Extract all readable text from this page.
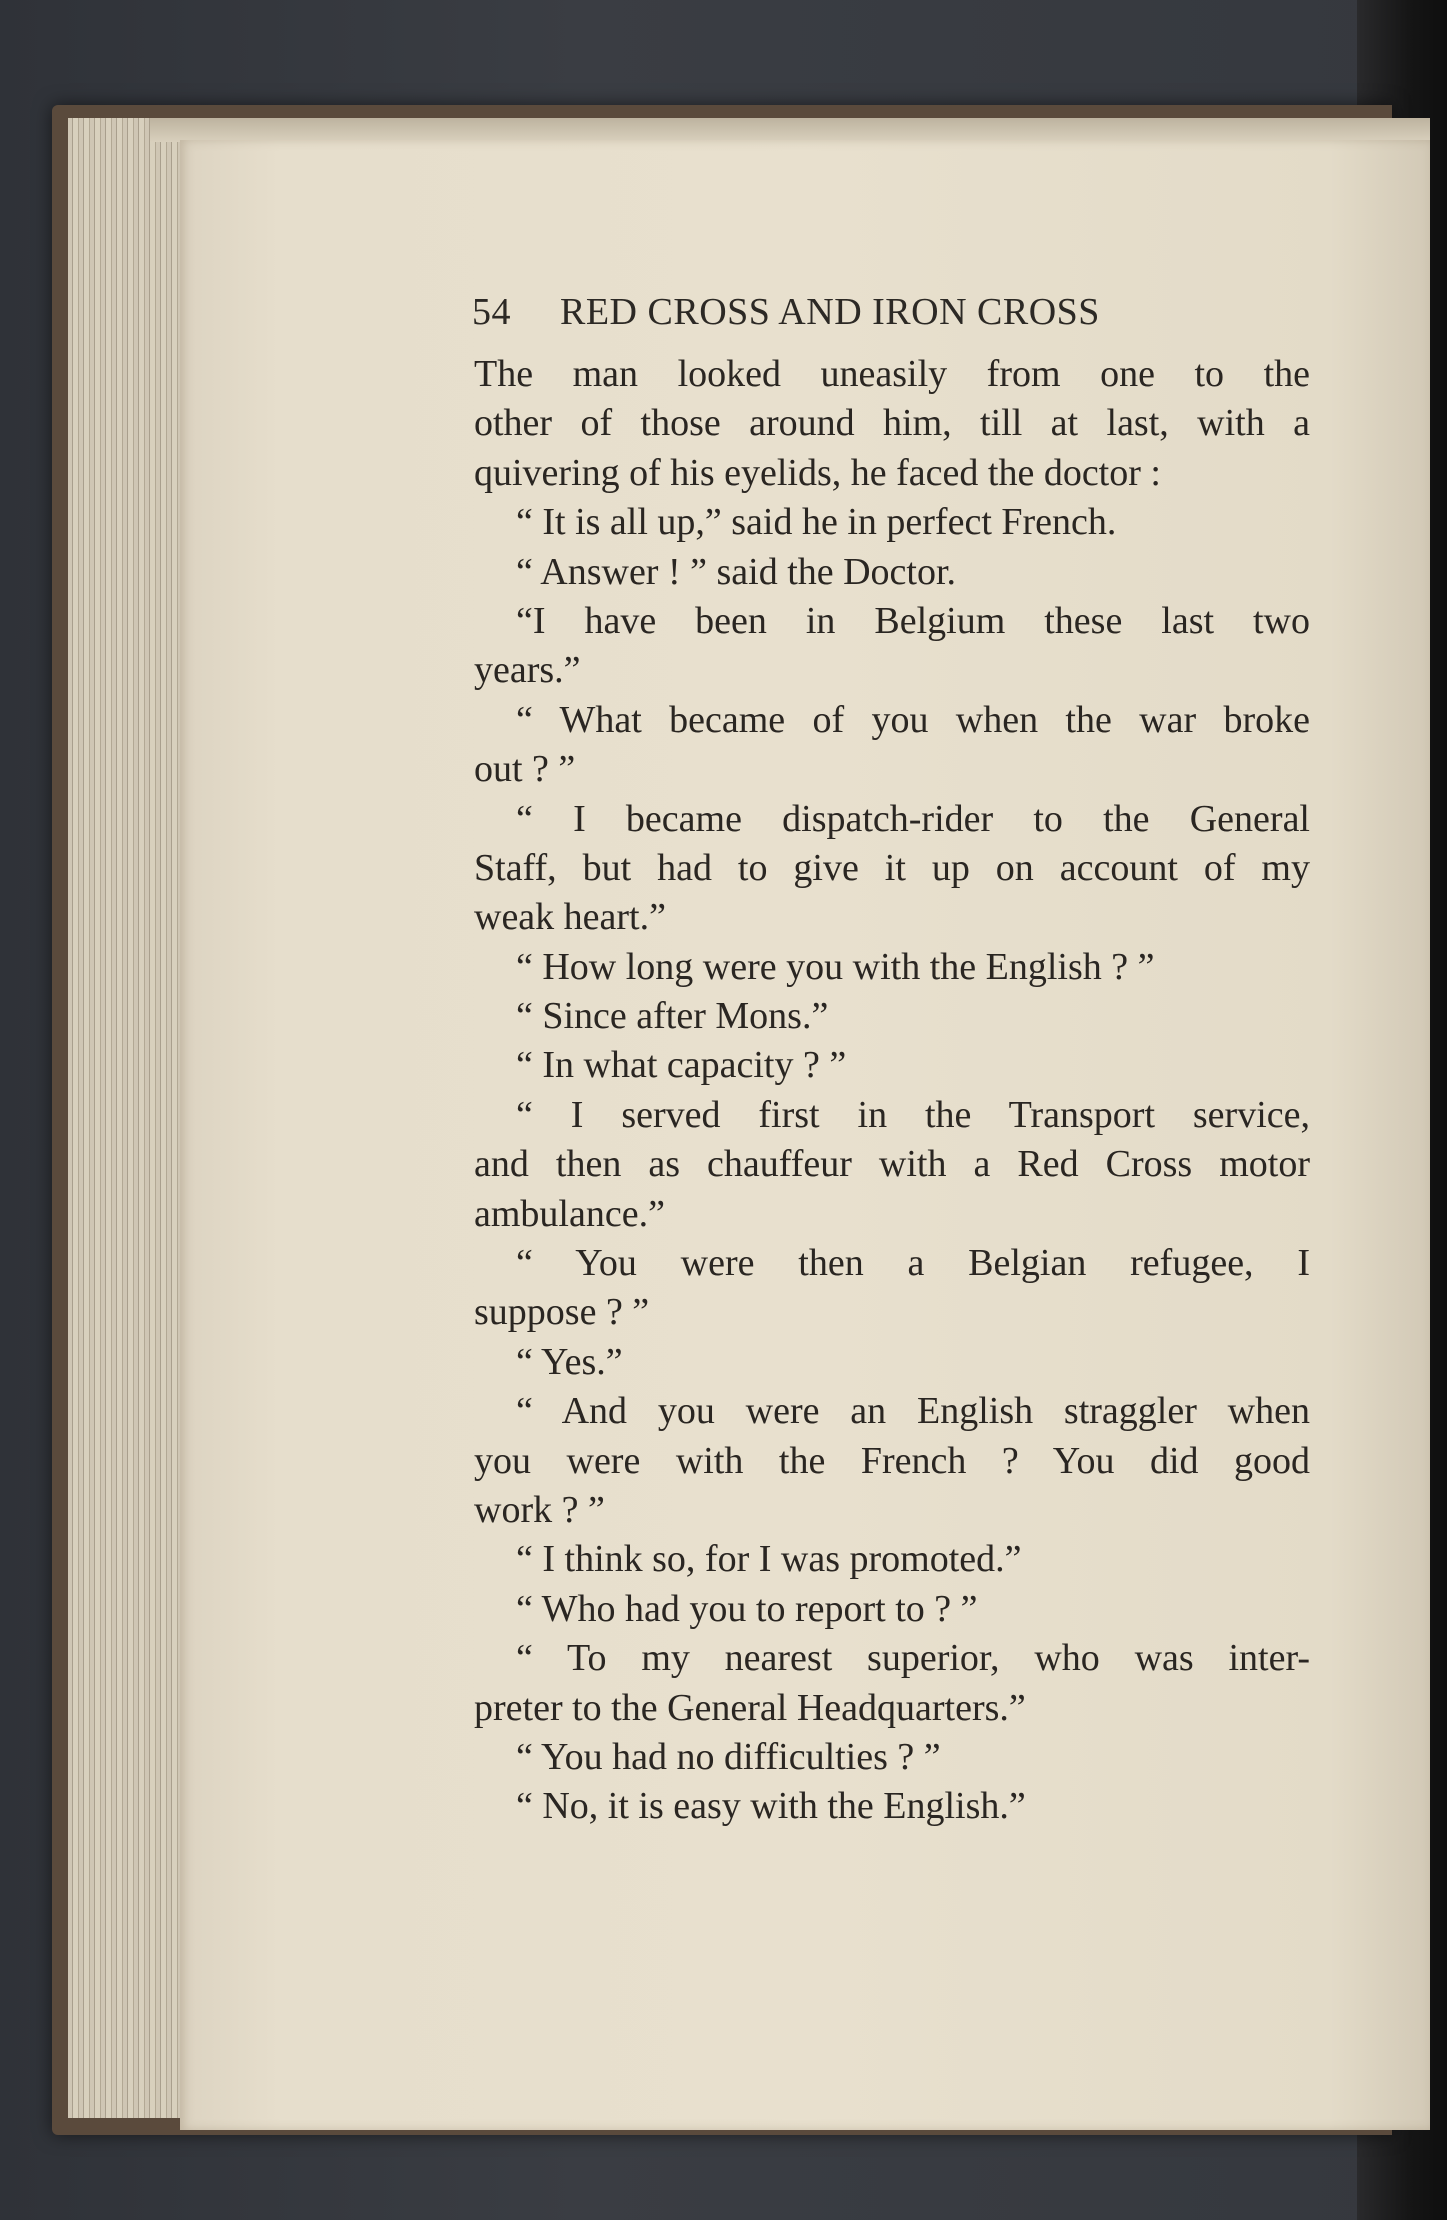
54 RED CROSS AND IRON CROSS
The man looked uneasily from one to the
other of those around him, till at last, with a
quivering of his eyelids, he faced the doctor :
“ It is all up,” said he in perfect French.
“ Answer ! ” said the Doctor.
“I have been in Belgium these last two
years.”
“ What became of you when the war broke
out ? ”
“ I became dispatch-rider to the General
Staff, but had to give it up on account of my
weak heart.”
“ How long were you with the English ? ”
“ Since after Mons.”
“ In what capacity ? ”
“ I served first in the Transport service,
and then as chauffeur with a Red Cross motor
ambulance.”
“ You were then a Belgian refugee, I
suppose ? ”
“ Yes.”
“ And you were an English straggler when
you were with the French ? You did good
work ? ”
“ I think so, for I was promoted.”
“ Who had you to report to ? ”
“ To my nearest superior, who was inter-
preter to the General Headquarters.”
“ You had no difficulties ? ”
“ No, it is easy with the English.”
